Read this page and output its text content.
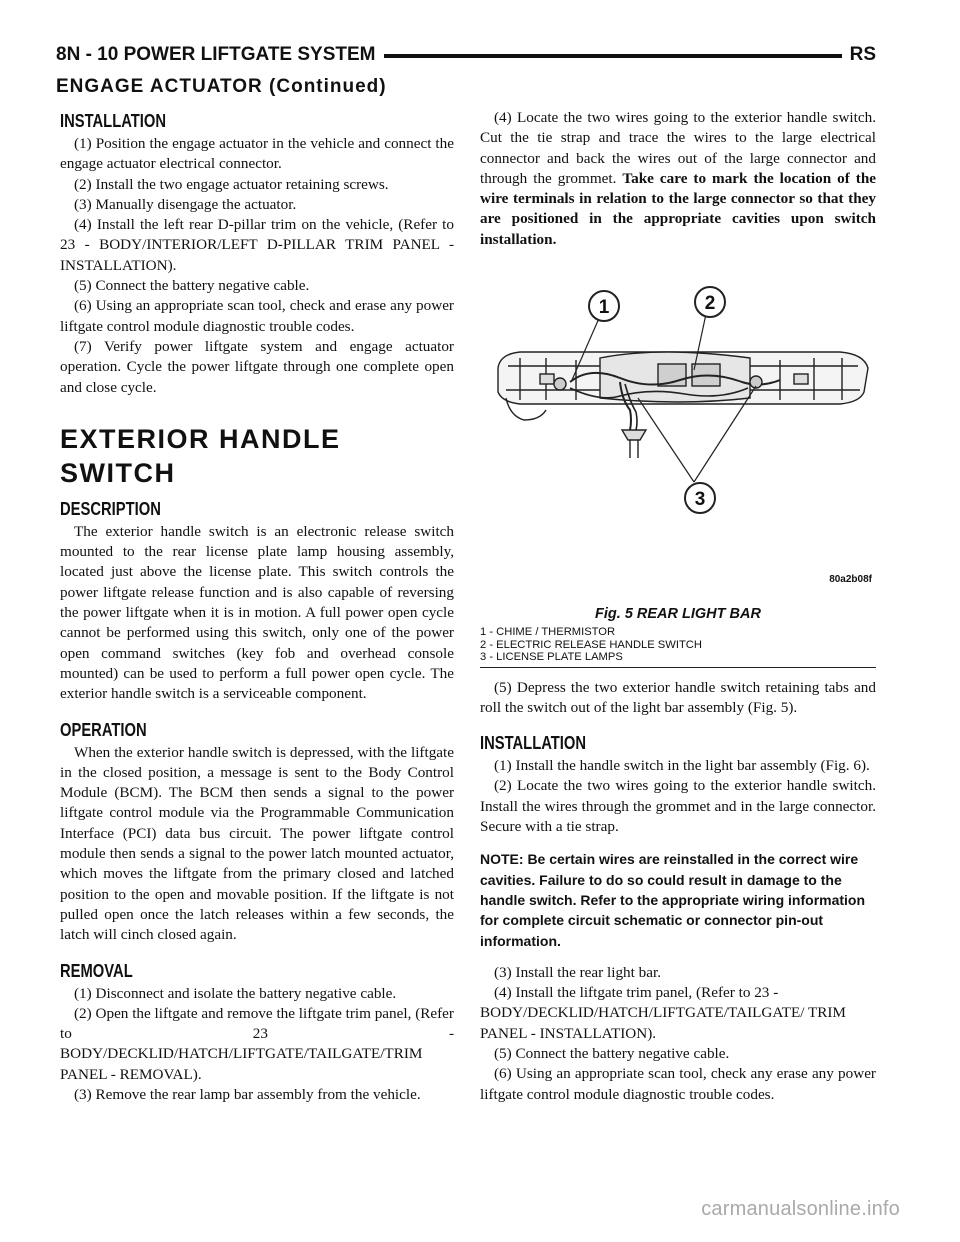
8N - 10 POWER LIFTGATE SYSTEM	RS
ENGAGE ACTUATOR (Continued)
INSTALLATION

(1) Position the engage actuator in the vehicle and connect the engage actuator electrical connector.

(2) Install the two engage actuator retaining screws.

(3) Manually disengage the actuator.

(4) Install the left rear D-pillar trim on the vehicle, (Refer to 23 - BODY/INTERIOR/LEFT D-PILLAR TRIM PANEL - INSTALLATION).

(5) Connect the battery negative cable.

(6) Using an appropriate scan tool, check and erase any power liftgate control module diagnostic trouble codes.

(7) Verify power liftgate system and engage actuator operation. Cycle the power liftgate through one complete open and close cycle.

EXTERIOR HANDLE SWITCH
DESCRIPTION

The exterior handle switch is an electronic release switch mounted to the rear license plate lamp housing assembly, located just above the license plate. This switch controls the power liftgate release function and is also capable of reversing the power liftgate when it is in motion. A full power open cycle cannot be performed using this switch, only one of the power open command switches (key fob and overhead console mounted) can be used to perform a full power open cycle. The exterior handle switch is a serviceable component.

OPERATION

When the exterior handle switch is depressed, with the liftgate in the closed position, a message is sent to the Body Control Module (BCM). The BCM then sends a signal to the power liftgate control module via the Programmable Communication Interface (PCI) data bus circuit. The power liftgate control module then sends a signal to the power latch mounted actuator, which moves the liftgate from the primary closed and latched position to the open and movable position. If the liftgate is not pulled open once the latch releases within a few seconds, the latch will cinch closed again.

REMOVAL

(1) Disconnect and isolate the battery negative cable.

(2) Open the liftgate and remove the liftgate trim panel, (Refer to 23 - BODY/DECKLID/HATCH/LIFTGATE/TAILGATE/TRIM PANEL - REMOVAL).

(3) Remove the rear lamp bar assembly from the vehicle.

(4) Locate the two wires going to the exterior handle switch. Cut the tie strap and trace the wires to the large electrical connector and back the wires out of the large connector and through the grommet. Take care to mark the location of the wire terminals in relation to the large connector so that they are positioned in the appropriate cavities upon switch installation.

1	2
3
80a2b08f
Fig. 5 REAR LIGHT BAR

1 - CHIME / THERMISTOR

2 - ELECTRIC RELEASE HANDLE SWITCH

3 - LICENSE PLATE LAMPS

(5) Depress the two exterior handle switch retaining tabs and roll the switch out of the light bar assembly (Fig. 5).

INSTALLATION

(1) Install the handle switch in the light bar assembly (Fig. 6).

(2) Locate the two wires going to the exterior handle switch. Install the wires through the grommet and in the large connector. Secure with a tie strap.

NOTE: Be certain wires are reinstalled in the correct wire cavities. Failure to do so could result in damage to the handle switch. Refer to the appropriate wiring information for complete circuit schematic or connector pin-out information.

(3) Install the rear light bar.

(4) Install the liftgate trim panel, (Refer to 23 - BODY/DECKLID/HATCH/LIFTGATE/TAILGATE/ TRIM PANEL - INSTALLATION).

(5) Connect the battery negative cable.

(6) Using an appropriate scan tool, check any erase any power liftgate control module diagnostic trouble codes.

carmanualsonline.info
